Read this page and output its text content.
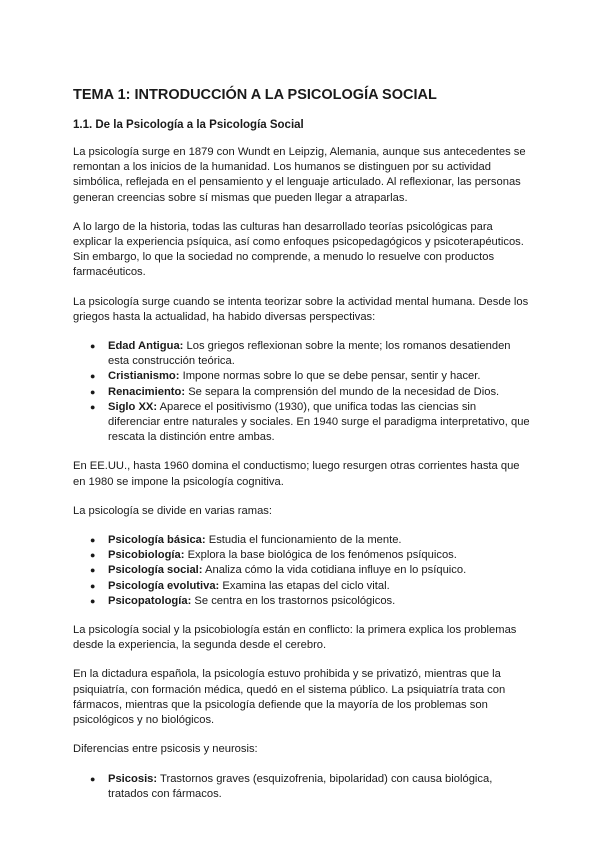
TEMA 1: INTRODUCCIÓN A LA PSICOLOGÍA SOCIAL
1.1. De la Psicología a la Psicología Social

La psicología surge en 1879 con Wundt en Leipzig, Alemania, aunque sus antecedentes se remontan a los inicios de la humanidad. Los humanos se distinguen por su actividad simbólica, reflejada en el pensamiento y el lenguaje articulado. Al reflexionar, las personas generan creencias sobre sí mismas que pueden llegar a atraparlas.

A lo largo de la historia, todas las culturas han desarrollado teorías psicológicas para explicar la experiencia psíquica, así como enfoques psicopedagógicos y psicoterapéuticos. Sin embargo, lo que la sociedad no comprende, a menudo lo resuelve con productos farmacéuticos.

La psicología surge cuando se intenta teorizar sobre la actividad mental humana. Desde los griegos hasta la actualidad, ha habido diversas perspectivas:

● Edad Antigua: Los griegos reflexionan sobre la mente; los romanos desatienden esta construcción teórica.
● Cristianismo: Impone normas sobre lo que se debe pensar, sentir y hacer.
● Renacimiento: Se separa la comprensión del mundo de la necesidad de Dios.
● Siglo XX: Aparece el positivismo (1930), que unifica todas las ciencias sin diferenciar entre naturales y sociales. En 1940 surge el paradigma interpretativo, que rescata la distinción entre ambas.

En EE.UU., hasta 1960 domina el conductismo; luego resurgen otras corrientes hasta que en 1980 se impone la psicología cognitiva.

La psicología se divide en varias ramas:

● Psicología básica: Estudia el funcionamiento de la mente.
● Psicobiología: Explora la base biológica de los fenómenos psíquicos.
● Psicología social: Analiza cómo la vida cotidiana influye en lo psíquico.
● Psicología evolutiva: Examina las etapas del ciclo vital.
● Psicopatología: Se centra en los trastornos psicológicos.

La psicología social y la psicobiología están en conflicto: la primera explica los problemas desde la experiencia, la segunda desde el cerebro.

En la dictadura española, la psicología estuvo prohibida y se privatizó, mientras que la psiquiatría, con formación médica, quedó en el sistema público. La psiquiatría trata con fármacos, mientras que la psicología defiende que la mayoría de los problemas son psicológicos y no biológicos.

Diferencias entre psicosis y neurosis:

● Psicosis: Trastornos graves (esquizofrenia, bipolaridad) con causa biológica, tratados con fármacos.
